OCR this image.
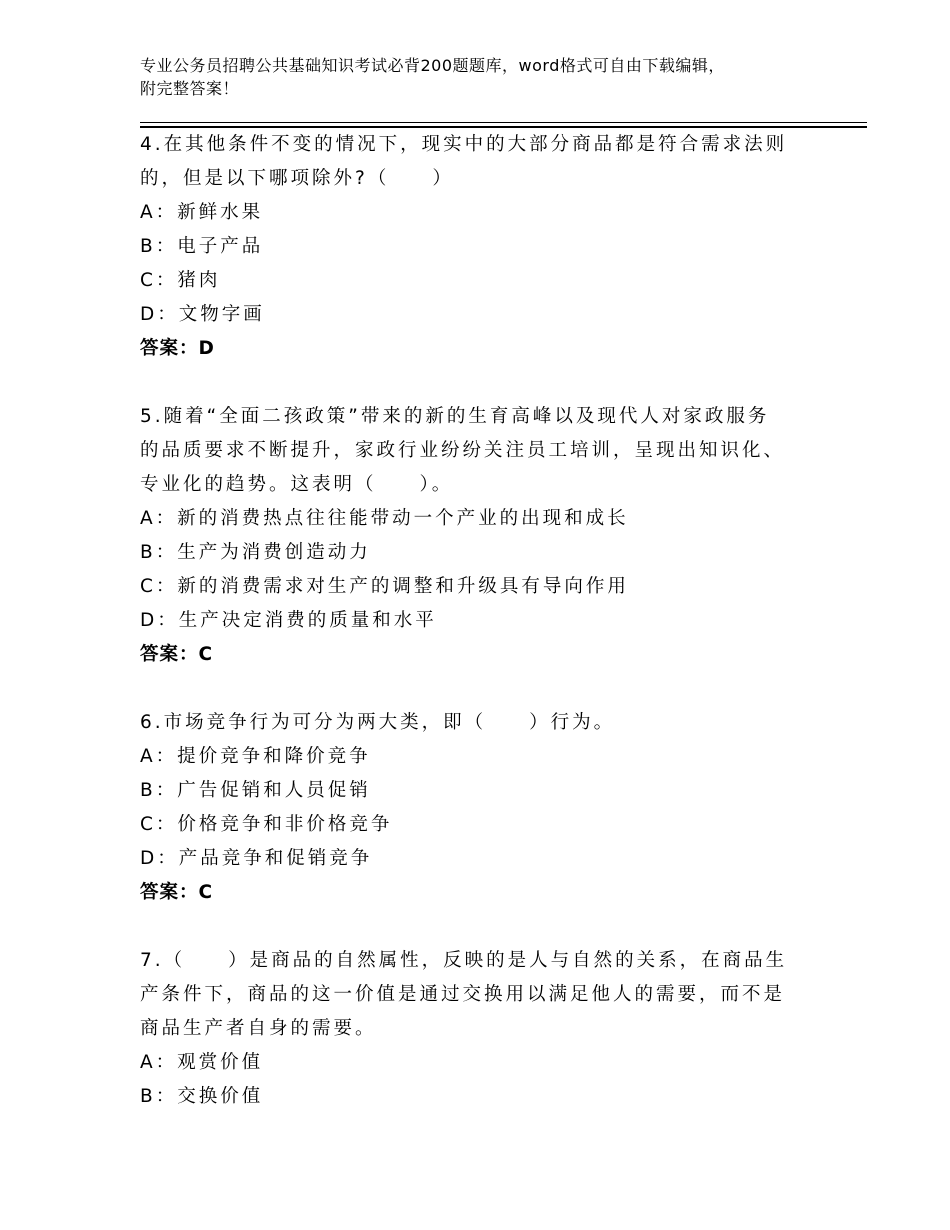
专业公务员招聘公共基础知识考试必背200题题库，word格式可自由下载编辑，
附完整答案！
4.在其他条件不变的情况下，现实中的大部分商品都是符合需求法则
的，但是以下哪项除外?（　　）
A：新鲜水果
B：电子产品
C：猪肉
D：文物字画
答案：D
5.随着“全面二孩政策”带来的新的生育高峰以及现代人对家政服务
的品质要求不断提升，家政行业纷纷关注员工培训，呈现出知识化、
专业化的趋势。这表明（　　）。
A：新的消费热点往往能带动一个产业的出现和成长
B：生产为消费创造动力
C：新的消费需求对生产的调整和升级具有导向作用
D：生产决定消费的质量和水平
答案：C
6.市场竞争行为可分为两大类，即（　　）行为。
A：提价竞争和降价竞争
B：广告促销和人员促销
C：价格竞争和非价格竞争
D：产品竞争和促销竞争
答案：C
7.（　　）是商品的自然属性，反映的是人与自然的关系，在商品生
产条件下，商品的这一价值是通过交换用以满足他人的需要，而不是
商品生产者自身的需要。
A：观赏价值
B：交换价值
